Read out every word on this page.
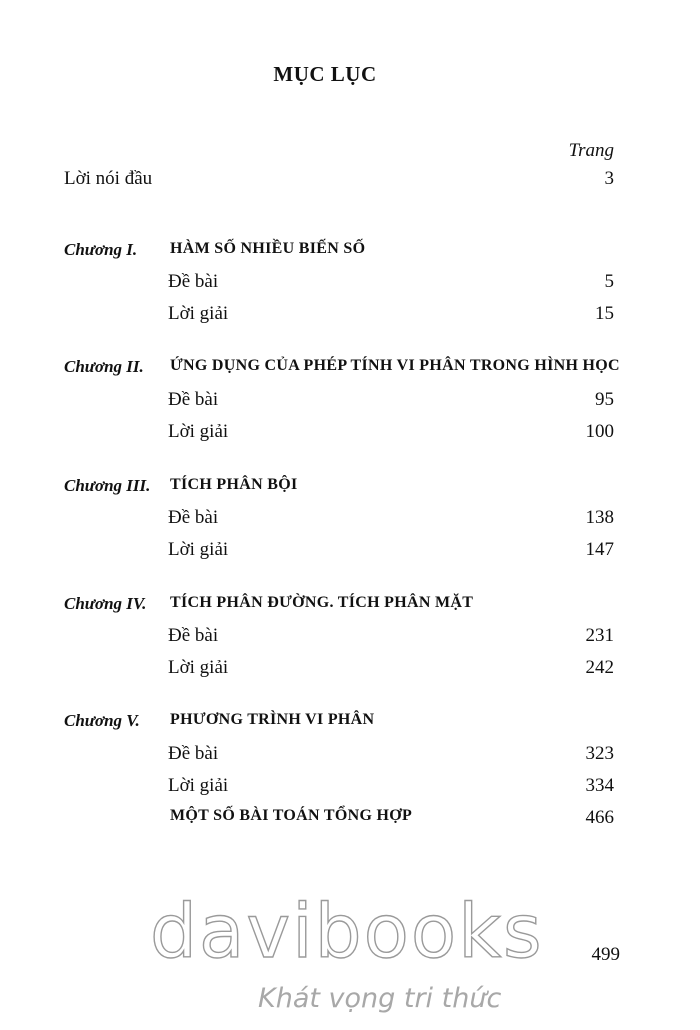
MỤC LỤC
Trang
Lời nói đầu	3
Chương I. HÀM SỐ NHIỀU BIẾN SỐ
Đề bài	5
Lời giải	15
Chương II. ỨNG DỤNG CỦA PHÉP TÍNH VI PHÂN TRONG HÌNH HỌC
Đề bài	95
Lời giải	100
Chương III. TÍCH PHÂN BỘI
Đề bài	138
Lời giải	147
Chương IV. TÍCH PHÂN ĐƯỜNG. TÍCH PHÂN MẶT
Đề bài	231
Lời giải	242
Chương V. PHƯƠNG TRÌNH VI PHÂN
Đề bài	323
Lời giải	334
MỘT SỐ BÀI TOÁN TỔNG HỢP	466
davibooks
Khát vọng tri thức
499
